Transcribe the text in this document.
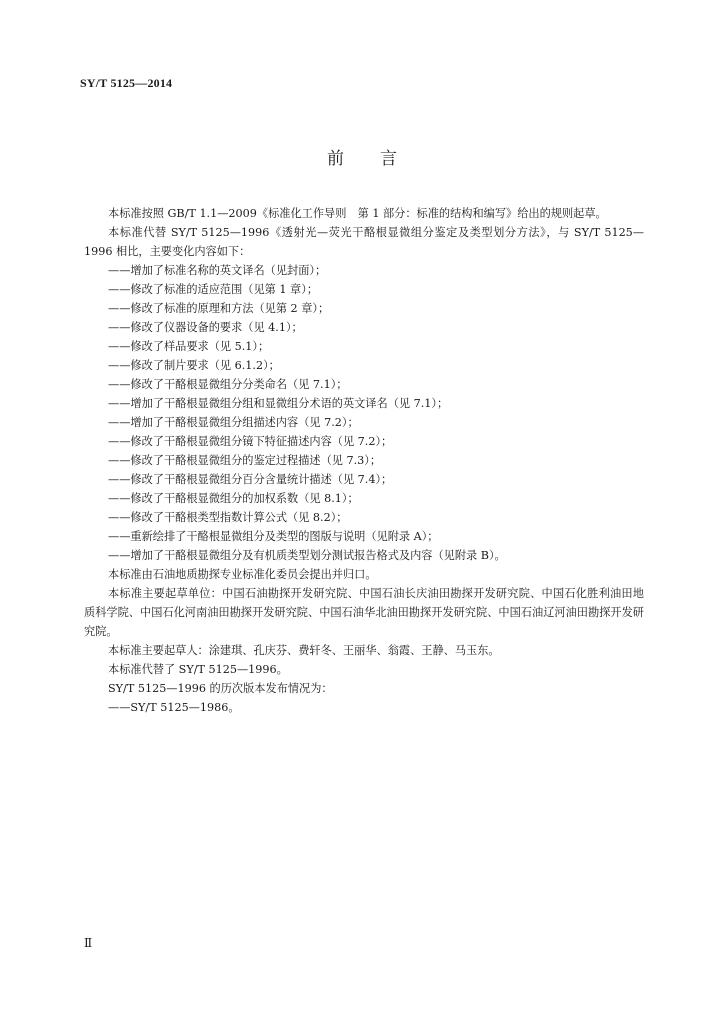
SY/T 5125—2014
前言

本标准按照 GB/T 1.1—2009《标准化工作导则　第 1 部分：标准的结构和编写》给出的规则起草。

本标准代替 SY/T 5125—1996《透射光—荧光干酪根显微组分鉴定及类型划分方法》，与 SY/T 5125—1996 相比，主要变化内容如下：

——增加了标准名称的英文译名（见封面）；

——修改了标准的适应范围（见第 1 章）；

——修改了标准的原理和方法（见第 2 章）；

——修改了仪器设备的要求（见 4.1）；

——修改了样品要求（见 5.1）；

——修改了制片要求（见 6.1.2）；

——修改了干酪根显微组分分类命名（见 7.1）；

——增加了干酪根显微组分组和显微组分术语的英文译名（见 7.1）；

——增加了干酪根显微组分组描述内容（见 7.2）；

——修改了干酪根显微组分镜下特征描述内容（见 7.2）；

——修改了干酪根显微组分的鉴定过程描述（见 7.3）；

——修改了干酪根显微组分百分含量统计描述（见 7.4）；

——修改了干酪根显微组分的加权系数（见 8.1）；

——修改了干酪根类型指数计算公式（见 8.2）；

——重新绘排了干酪根显微组分及类型的图版与说明（见附录 A）；

——增加了干酪根显微组分及有机质类型划分测试报告格式及内容（见附录 B）。

本标准由石油地质勘探专业标准化委员会提出并归口。

本标准主要起草单位：中国石油勘探开发研究院、中国石油长庆油田勘探开发研究院、中国石化胜利油田地质科学院、中国石化河南油田勘探开发研究院、中国石油华北油田勘探开发研究院、中国石油辽河油田勘探开发研究院。

本标准主要起草人：涂建琪、孔庆芬、费轩冬、王丽华、翁霞、王静、马玉东。

本标准代替了 SY/T 5125—1996。

SY/T 5125—1996 的历次版本发布情况为：

——SY/T 5125—1986。

Ⅱ
